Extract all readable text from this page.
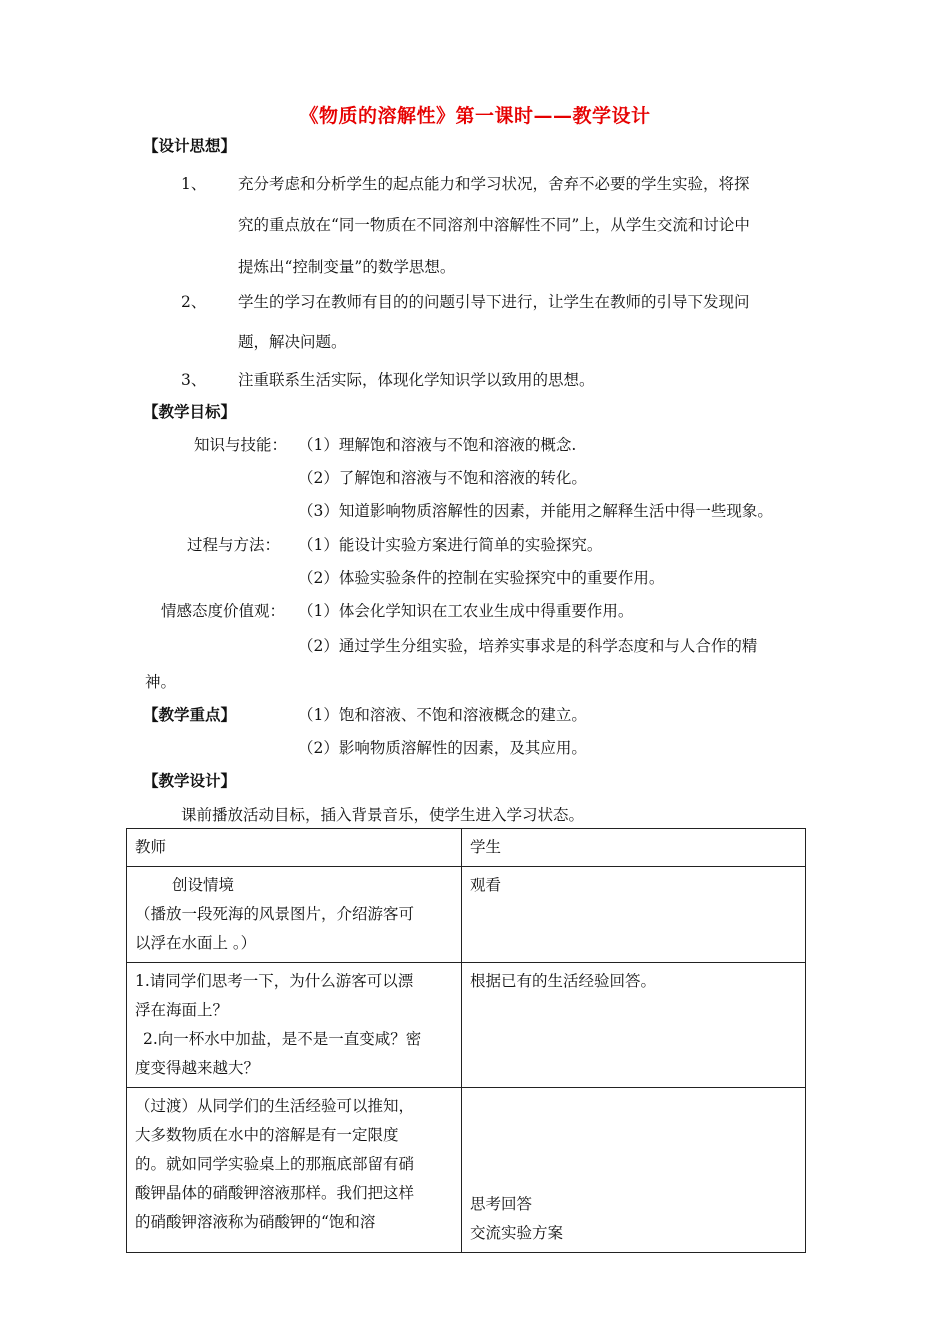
《物质的溶解性》第一课时——教学设计
【设计思想】
1、 充分考虑和分析学生的起点能力和学习状况，舍弃不必要的学生实验，将探
究的重点放在“同一物质在不同溶剂中溶解性不同”上，从学生交流和讨论中
提炼出“控制变量”的数学思想。
2、 学生的学习在教师有目的的问题引导下进行，让学生在教师的引导下发现问
题，解决问题。
3、 注重联系生活实际，体现化学知识学以致用的思想。
【教学目标】
知识与技能： （1）理解饱和溶液与不饱和溶液的概念.
（2）了解饱和溶液与不饱和溶液的转化。
（3）知道影响物质溶解性的因素，并能用之解释生活中得一些现象。
过程与方法： （1）能设计实验方案进行简单的实验探究。
（2）体验实验条件的控制在实验探究中的重要作用。
情感态度价值观： （1）体会化学知识在工农业生成中得重要作用。
（2）通过学生分组实验，培养实事求是的科学态度和与人合作的精
神。
【教学重点】	（1）饱和溶液、不饱和溶液概念的建立。
（2）影响物质溶解性的因素，及其应用。
【教学设计】
课前播放活动目标，插入背景音乐，使学生进入学习状态。
教师	学生

创设情境
（播放一段死海的风景图片，介绍游客可
以浮在水面上 。）	观看

1.请同学们思考一下，为什么游客可以漂
浮在海面上？
2.向一杯水中加盐，是不是一直变咸？密
度变得越来越大？	根据已有的生活经验回答。

（过渡）从同学们的生活经验可以推知，
大多数物质在水中的溶解是有一定限度
的。就如同学实验桌上的那瓶底部留有硝
酸钾晶体的硝酸钾溶液那样。我们把这样
的硝酸钾溶液称为硝酸钾的“饱和溶	思考回答
交流实验方案
